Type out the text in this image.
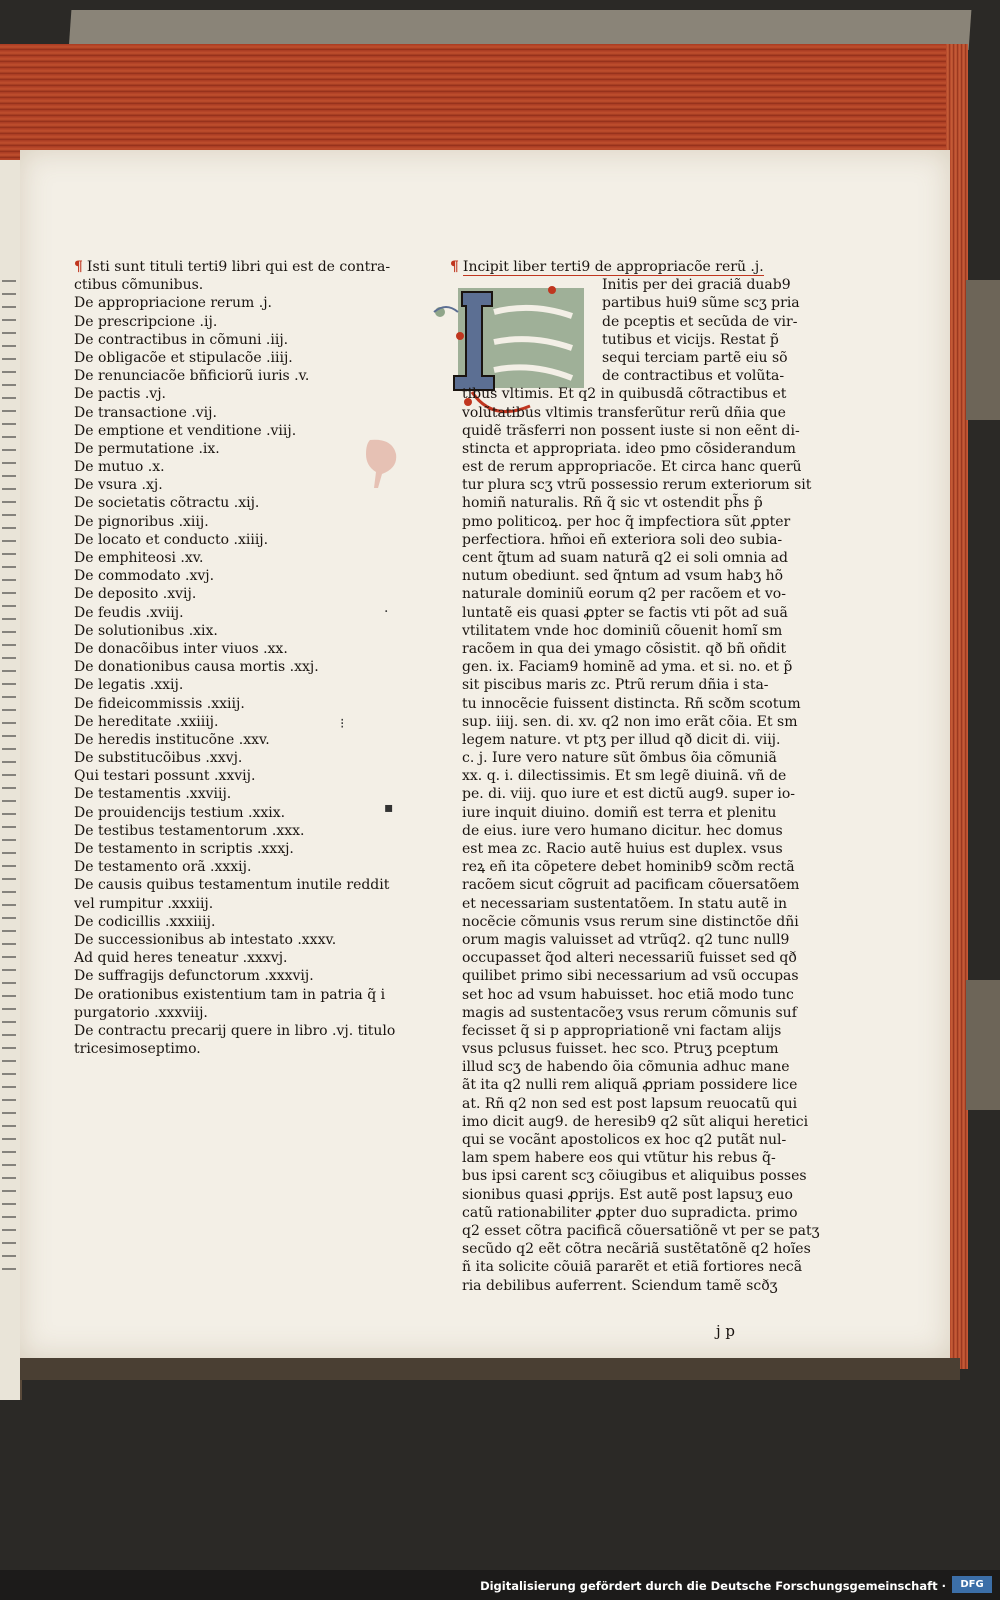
¶ Isti sunt tituli terti9 libri qui est de contra-
ctibus cõmunibus.
De appropriacione rerum .j.
De prescripcione .ij.
De contractibus in cõmuni .iij.
De obligacõe et stipulacõe .iiij.
De renunciacõe bñficiorũ iuris .v.
De pactis .vj.
De transactione .vij.
De emptione et venditione .viij.
De permutatione .ix.
De mutuo .x.
De vsura .xj.
De societatis cõtractu .xij.
De pignoribus .xiij.
De locato et conducto .xiiij.
De emphiteosi .xv.
De commodato .xvj.
De deposito .xvij.
De feudis .xviij.
De solutionibus .xix.
De donacõibus inter viuos .xx.
De donationibus causa mortis .xxj.
De legatis .xxij.
De fideicommissis .xxiij.
De hereditate .xxiiij.
De heredis institucõne .xxv.
De substitucõibus .xxvj.
Qui testari possunt .xxvij.
De testamentis .xxviij.
De prouidencijs testium .xxix.
De testibus testamentorum .xxx.
De testamento in scriptis .xxxj.
De testamento orã .xxxij.
De causis quibus testamentum inutile reddit
vel rumpitur .xxxiij.
De codicillis .xxxiiij.
De successionibus ab intestato .xxxv.
Ad quid heres teneatur .xxxvj.
De suffragijs defunctorum .xxxvij.
De orationibus existentium tam in patria q̃ i
purgatorio .xxxviij.
De contractu precarij quere in libro .vj. titulo
tricesimoseptimo.
¶ Incipit liber terti9 de appropriacõe rerũ .j.
Initis per dei graciã duab9
partibus hui9 sũme scʒ pria
de pceptis et secũda de vir-
tutibus et vicijs. Restat p̃
sequi terciam partẽ eiu sõ
de contractibus et volũta-
tibus vltimis. Et q2 in quibusdã cõtractibus et
volũtatibus vltimis transferũtur rerũ dñia que
quidẽ trãsferri non possent iuste si non eẽnt di-
stincta et appropriata. ideo pmo cõsiderandum
est de rerum appropriacõe. Et circa hanc querũ
tur plura scʒ vtrũ possessio rerum exteriorum sit
homiñ naturalis. Rñ q̃ sic vt ostendit ph̃s p̃
pmo politicoꝝ. per hoc q̃ impfectiora sũt ꝓpter
perfectiora. hm̃oi eñ exteriora soli deo subia-
cent q̃tum ad suam naturã q2 ei soli omnia ad
nutum obediunt. sed q̃ntum ad vsum habʒ hõ
naturale dominiũ eorum q2 per racõem et vo-
luntatẽ eis quasi ꝓpter se factis vti põt ad suã
vtilitatem vnde hoc dominiũ cõuenit homĩ sm
racõem in qua dei ymago cõsistit. qð bñ oñdit
gen. ix. Faciam9 hominẽ ad yma. et si. no. et p̃
sit piscibus maris zc. Ptrũ rerum dñia i sta-
tu innocẽcie fuissent distincta. Rñ scðm scotum
sup. iiij. sen. di. xv. q2 non imo erãt cõia. Et sm
legem nature. vt ptʒ per illud qð dicit di. viij.
c. j. Iure vero nature sũt õmbus õia cõmuniã
xx. q. i. dilectissimis. Et sm legẽ diuinã. vñ de
pe. di. viij. quo iure et est dictũ aug9. super io-
iure inquit diuino. domiñ est terra et plenitu
de eius. iure vero humano dicitur. hec domus
est mea zc. Racio autẽ huius est duplex. vsus
reꝝ eñ ita cõpetere debet hominib9 scðm rectã
racõem sicut cõgruit ad pacificam cõuersatõem
et necessariam sustentatõem. In statu autẽ in
nocẽcie cõmunis vsus rerum sine distinctõe dñi
orum magis valuisset ad vtrũq2. q2 tunc null9
occupasset q̃od alteri necessariũ fuisset sed qð
quilibet primo sibi necessarium ad vsũ occupas
set hoc ad vsum habuisset. hoc etiã modo tunc
magis ad sustentacõeʒ vsus rerum cõmunis suf
fecisset q̃ si p appropriationẽ vni factam alijs
vsus pclusus fuisset. hec sco. Ptruʒ pceptum
illud scʒ de habendo õia cõmunia adhuc mane
ãt ita q2 nulli rem aliquã ꝓpriam possidere lice
at. Rñ q2 non sed est post lapsum reuocatũ qui
imo dicit aug9. de heresib9 q2 sũt aliqui heretici
qui se vocãnt apostolicos ex hoc q2 putãt nul-
lam spem habere eos qui vtũtur his rebus q̃-
bus ipsi carent scʒ cõiugibus et aliquibus posses
sionibus quasi ꝓprijs. Est autẽ post lapsuʒ euo
catũ rationabiliter ꝓpter duo supradicta. primo
q2 esset cõtra pacificã cõuersatiõnẽ vt per se patʒ
secũdo q2 eẽt cõtra necãriã sustẽtatõnẽ q2 hoĩes
ñ ita solicite cõuiã pararẽt et etiã fortiores necã
ria debilibus auferrent. Sciendum tamẽ scðʒ
j p
⁝
▪
·
Digitalisierung gefördert durch die Deutsche Forschungsgemeinschaft ·	DFG
